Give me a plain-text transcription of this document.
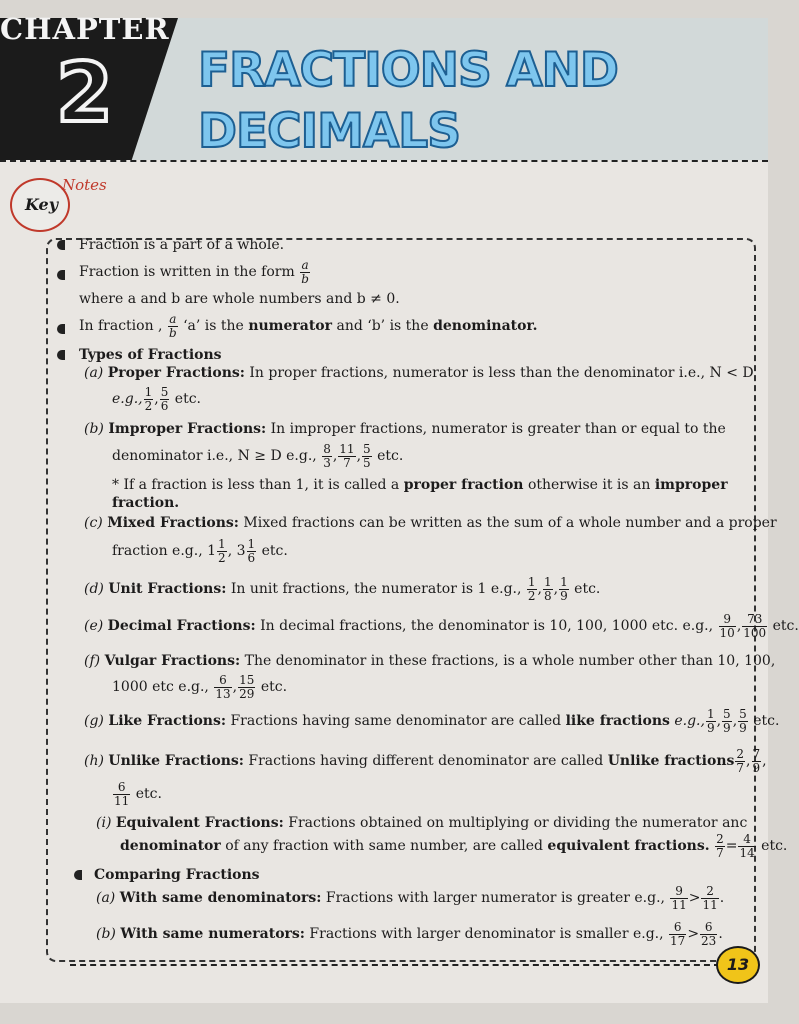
CHAPTER
2 FRACTIONS AND
DECIMALS
Key
Notes
Fraction is a part of a whole.
Fraction is written in the form $\frac{a}{b}$
where a and b are whole numbers and b ≠ 0.
In fraction , $\frac{a}{b}$ ‘a’ is the numerator and ‘b’ is the denominator.
Types of Fractions
(a) Proper Fractions: In proper fractions, numerator is less than the denominator i.e., N < D
e.g., $\frac{1}{2}$ , $\frac{5}{6}$ etc.
(b) Improper Fractions: In improper fractions, numerator is greater than or equal to the
denominator i.e., N ≥ D e.g., $\frac{8}{3}$ , $\frac{11}{7}$ , $\frac{5}{5}$ etc.
* If a fraction is less than 1, it is called a proper fraction otherwise it is an improper
fraction.
(c) Mixed Fractions: Mixed fractions can be written as the sum of a whole number and a proper
fraction e.g., $1 \frac{1}{2}$ , $3 \frac{1}{6}$ etc.
(d) Unit Fractions: In unit fractions, the numerator is 1 e.g., $\frac{1}{2}$ , $\frac{1}{8}$ , $\frac{1}{9}$ etc.
(e) Decimal Fractions: In decimal fractions, the denominator is 10, 100, 1000 etc. e.g., $\frac{9}{10}$ , $\frac{73}{100}$ etc.
(f) Vulgar Fractions: The denominator in these fractions, is a whole number other than 10, 100,
1000 etc e.g., $\frac{6}{13}$ , $\frac{15}{29}$ etc.
(g) Like Fractions: Fractions having same denominator are called like fractions e.g., $\frac{1}{9}$ , $\frac{5}{9}$ , $\frac{5}{9}$ etc.
(h) Unlike Fractions: Fractions having different denominator are called Unlike fractions $\frac{2}{7}$ , $\frac{7}{9}$ ,
$\frac{6}{11}$ etc.
(i) Equivalent Fractions: Fractions obtained on multiplying or dividing the numerator anc
denominator of any fraction with same number, are called equivalent fractions. $\frac{2}{7} = \frac{4}{14}$ etc.
Comparing Fractions
(a) With same denominators: Fractions with larger numerator is greater e.g., $\frac{9}{11} > \frac{2}{11}$ .
(b) With same numerators: Fractions with larger denominator is smaller e.g., $\frac{6}{17} > \frac{6}{23}$ .
13
